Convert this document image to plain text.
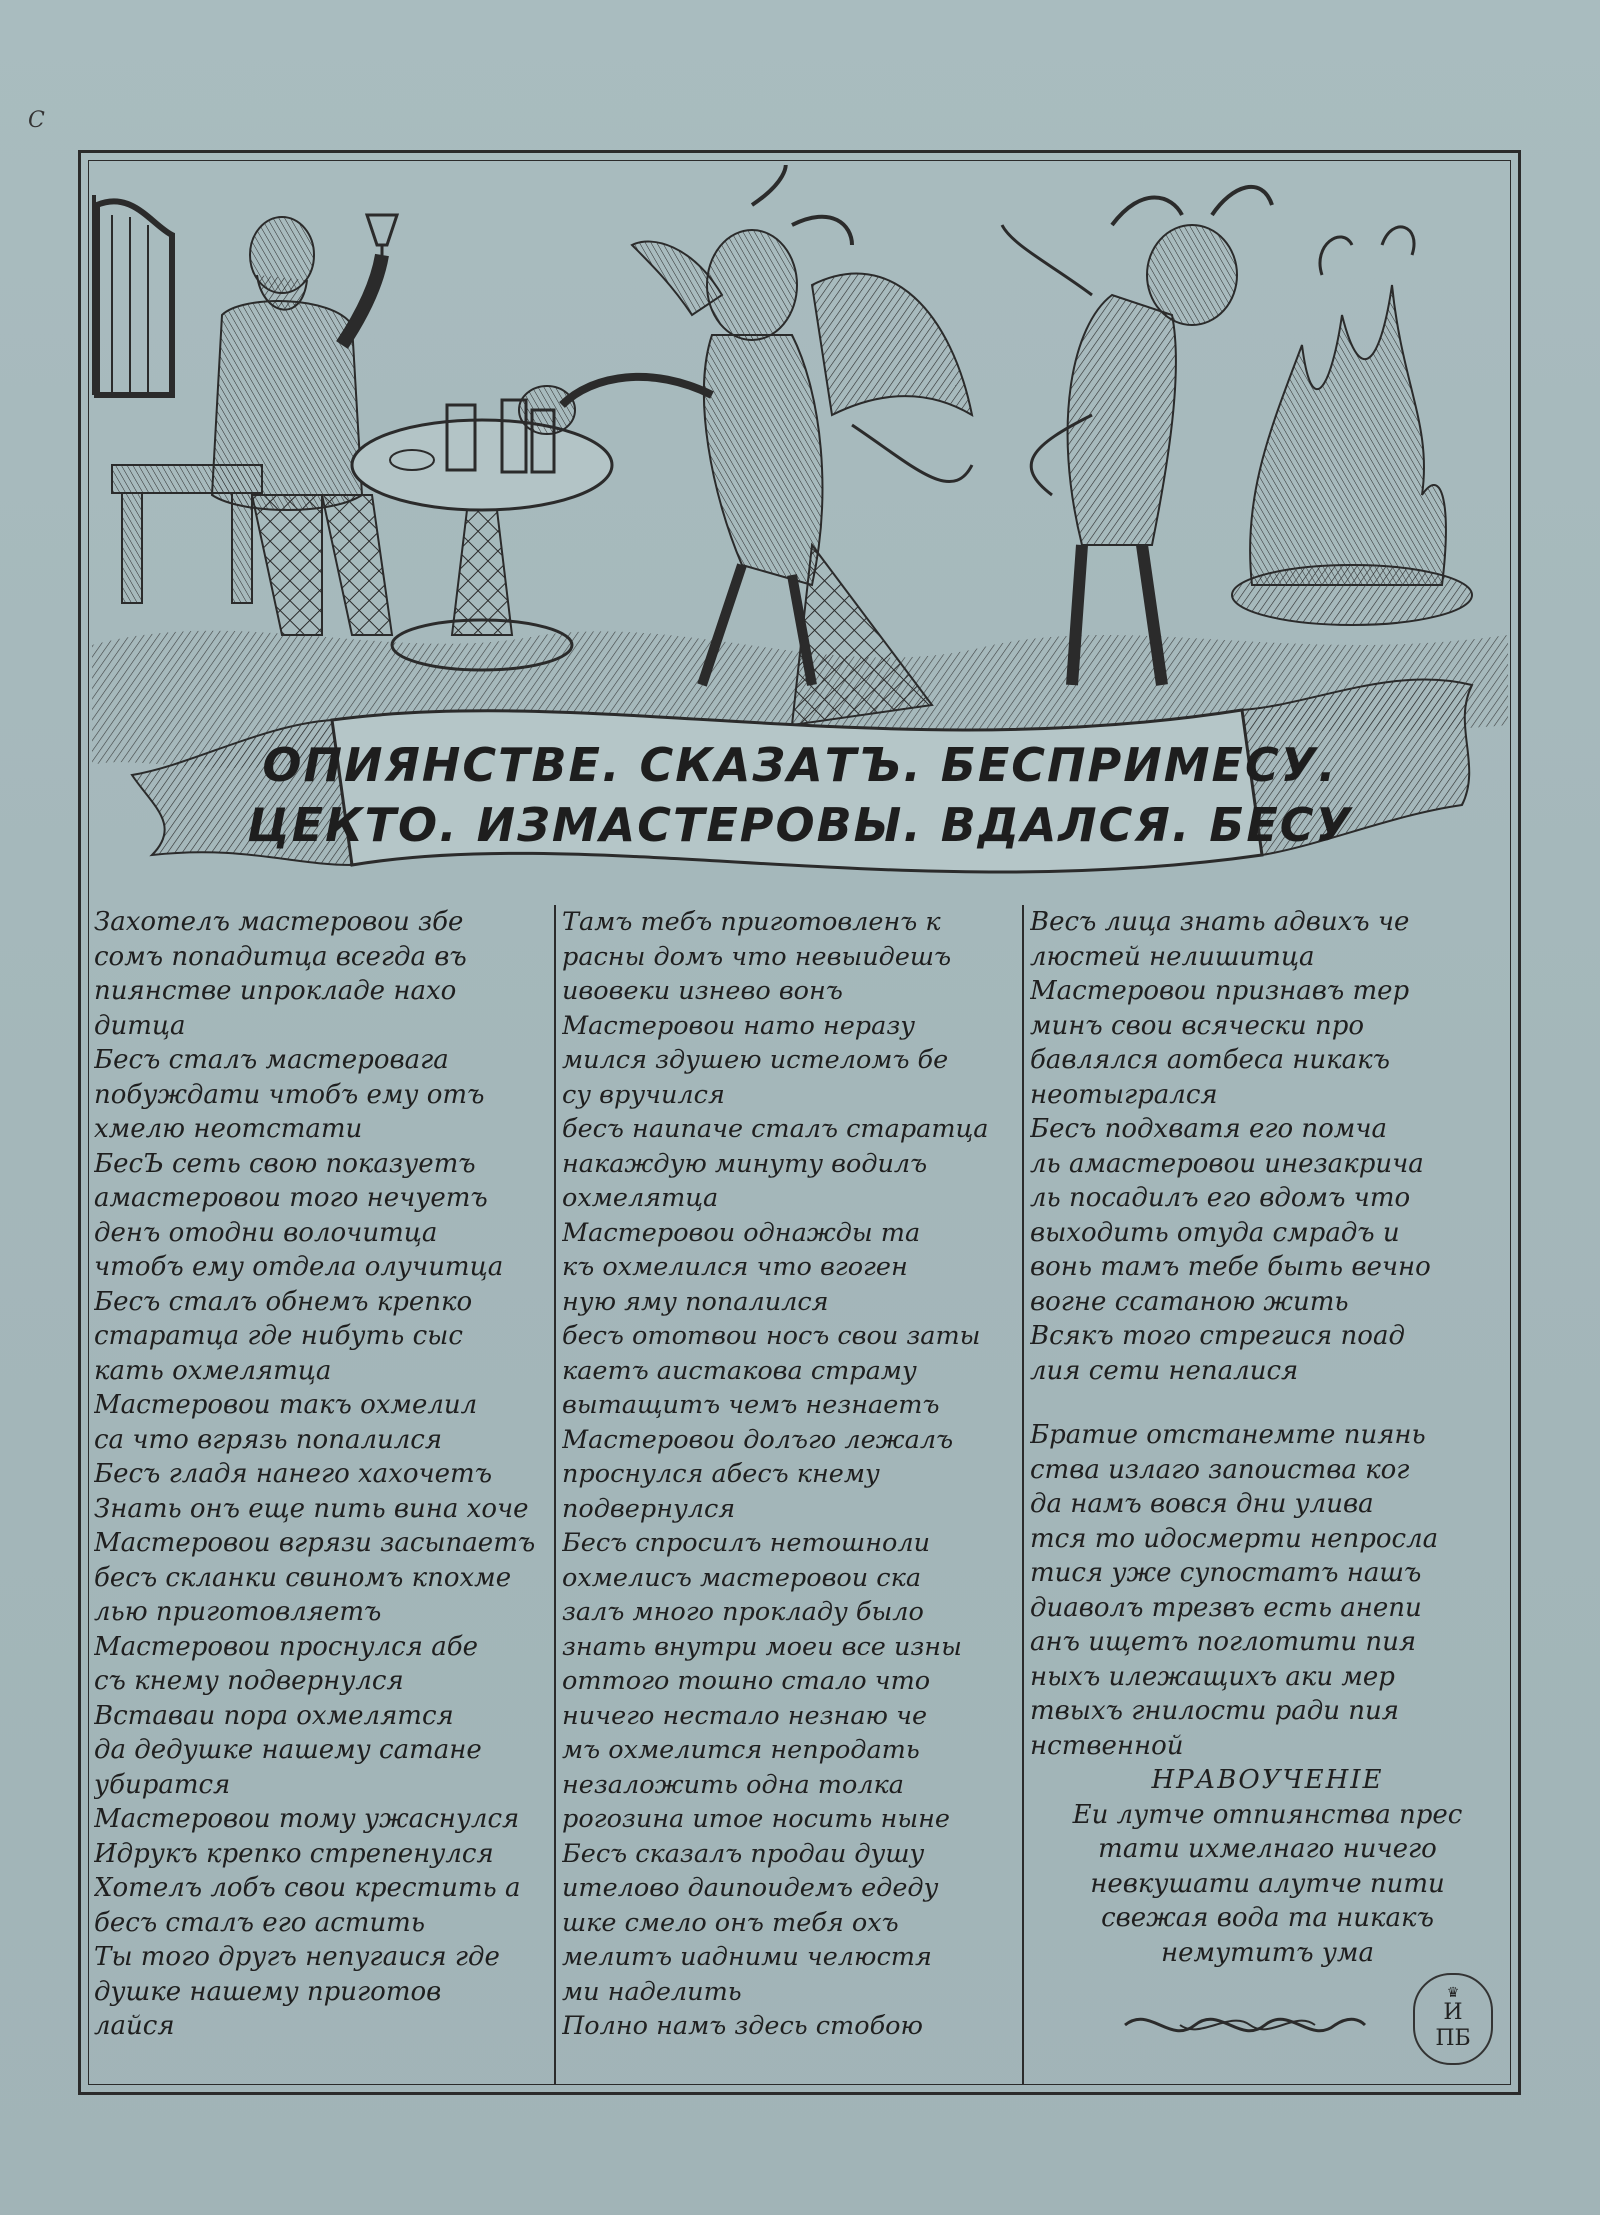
C
ОПИЯНСТВЕ. СКАЗАТЪ. БЕСПРИМЕСУ.
ЦЕКТО. ИЗМАСТЕРОВЫ. ВДАЛСЯ. БЕСУ
Захотелъ мастеровои збе
сомъ попадитца всегда въ
пиянстве ипрокладе нахо
дитца
Бесъ сталъ мастеровага
побуждати чтобъ ему отъ
хмелю неотстати
БесЪ сеть свою показуетъ
амастеровои того нечуетъ
денъ отодни волочитца
чтобъ ему отдела олучитца
Бесъ сталъ обнемъ крепко
старатца где нибуть сыс
кать охмелятца
Мастеровои такъ охмелил
са что вгрязь попалился
Бесъ гладя нанего хахочетъ
Знать онъ еще пить вина хоче
Мастеровои вгрязи засыпаетъ
бесъ скланки свиномъ кпохме
лью приготовляетъ
Мастеровои проснулся абе
съ кнему подвернулся
Вставаи пора охмелятся
да дедушке нашему сатане
убиратся
Мастеровои тому ужаснулся
Идрукъ крепко стрепенулся
Хотелъ лобъ свои крестить а
бесъ сталъ его астить
Ты того другъ непугаися где
душке нашему приготов
лайся
Тамъ тебъ приготовленъ к
расны домъ что невыидешъ
ивовеки изнево вонъ
Мастеровои нато неразу
мился здушею истеломъ бе
су вручился
бесъ наипаче сталъ старатца
накаждую минуту водилъ
охмелятца
Мастеровои однажды та
къ охмелился что вгоген
ную яму попалился
бесъ ототвои носъ свои заты
каетъ аистакова страму
вытащитъ чемъ незнаетъ
Мастеровои долъго лежалъ
проснулся абесъ кнему
подвернулся
Бесъ спросилъ нетошноли
охмелисъ мастеровои ска
залъ много прокладу было
знать внутри моеи все изны
оттого тошно стало что
ничего нестало незнаю че
мъ охмелится непродать
незаложить одна толка
рогозина итое носить ныне
Бесъ сказалъ продаи душу
ителово даипоидемъ едеду
шке смело онъ тебя охъ
мелитъ иадними челюстя
ми наделить
Полно намъ здесь стобою
Весъ лица знать адвихъ че
люстей нелишитца
Мастеровои признавъ тер
минъ свои всячески про
бавлялся аотбеса никакъ
неотыгрался
Бесъ подхватя его помча
ль амастеровои инезакрича
ль посадилъ его вдомъ что
выходить отуда смрадъ и
вонь тамъ тебе быть вечно
вогне ссатаною жить
Всякъ того стрегися поад
лия сети непалися
Братие отстанемте пиянь
ства излаго запоиства ког
да намъ вовся дни улива
тся то идосмерти непросла
тися уже супостатъ нашъ
диаволъ трезвъ есть анепи
анъ ищетъ поглотити пия
ныхъ илежащихъ аки мер
твыхъ гнилости ради пия
нственной
НРАВОУЧЕНІЕ
Еи лутче отпиянства прес
тати ихмелнаго ничего
невкушати алутче пити
свежая вода та никакъ
немутитъ ума
♛
И
ПБ
